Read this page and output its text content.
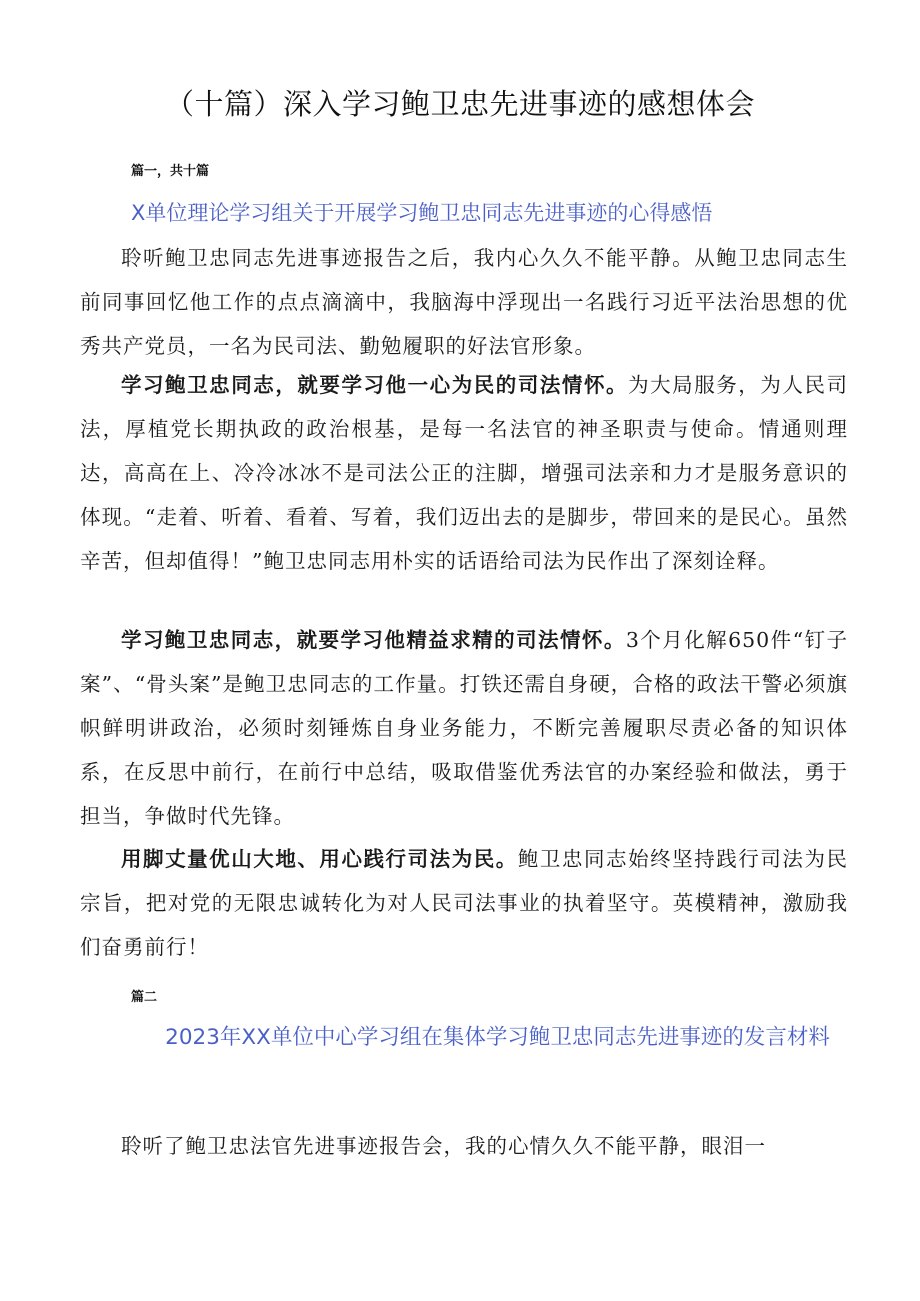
（十篇）深入学习鲍卫忠先进事迹的感想体会

篇一，共十篇

X单位理论学习组关于开展学习鲍卫忠同志先进事迹的心得感悟

聆听鲍卫忠同志先进事迹报告之后，我内心久久不能平静。从鲍卫忠同志生前同事回忆他工作的点点滴滴中，我脑海中浮现出一名践行习近平法治思想的优秀共产党员，一名为民司法、勤勉履职的好法官形象。

学习鲍卫忠同志，就要学习他一心为民的司法情怀。为大局服务，为人民司法，厚植党长期执政的政治根基，是每一名法官的神圣职责与使命。情通则理达，高高在上、冷冷冰冰不是司法公正的注脚，增强司法亲和力才是服务意识的体现。“走着、听着、看着、写着，我们迈出去的是脚步，带回来的是民心。虽然辛苦，但却值得！”鲍卫忠同志用朴实的话语给司法为民作出了深刻诠释。

学习鲍卫忠同志，就要学习他精益求精的司法情怀。3个月化解650件“钉子案”、“骨头案”是鲍卫忠同志的工作量。打铁还需自身硬，合格的政法干警必须旗帜鲜明讲政治，必须时刻锤炼自身业务能力，不断完善履职尽责必备的知识体系，在反思中前行，在前行中总结，吸取借鉴优秀法官的办案经验和做法，勇于担当，争做时代先锋。

用脚丈量优山大地、用心践行司法为民。鲍卫忠同志始终坚持践行司法为民宗旨，把对党的无限忠诚转化为对人民司法事业的执着坚守。英模精神，激励我们奋勇前行！

篇二

2023年XX单位中心学习组在集体学习鲍卫忠同志先进事迹的发言材料

聆听了鲍卫忠法官先进事迹报告会，我的心情久久不能平静，眼泪一
